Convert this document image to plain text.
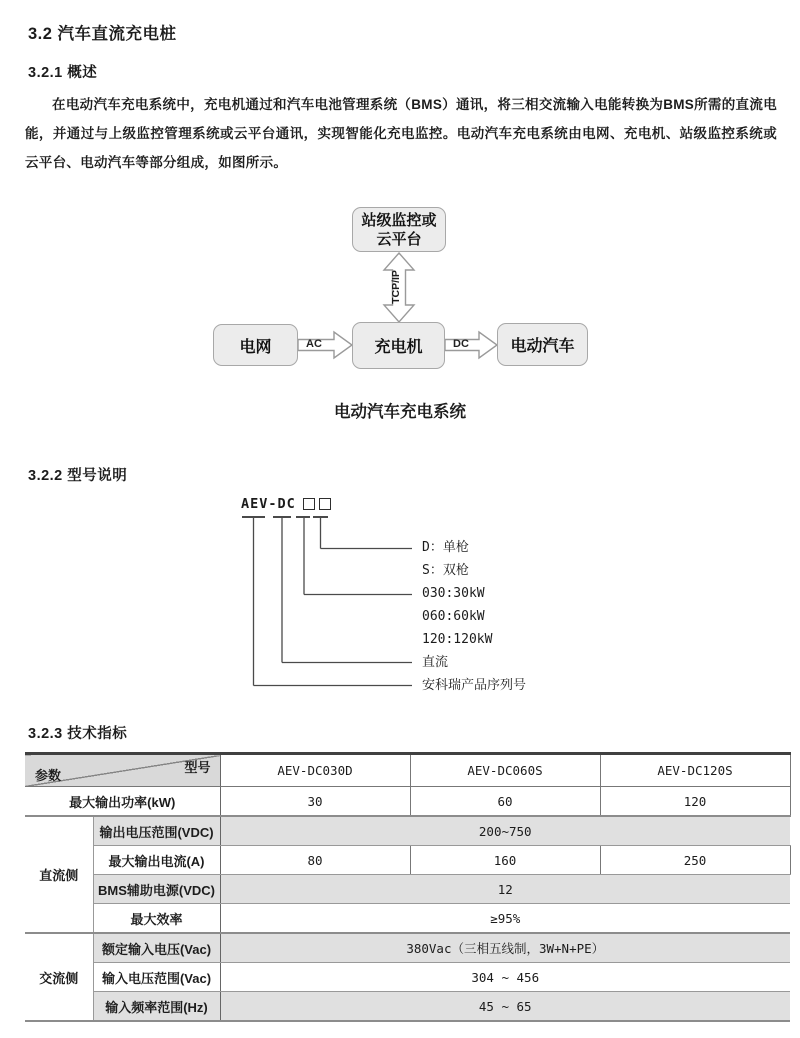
3.2 汽车直流充电桩
3.2.1 概述
在电动汽车充电系统中，充电机通过和汽车电池管理系统（BMS）通讯，将三相交流输入电能转换为BMS所需的直流电能，并通过与上级监控管理系统或云平台通讯，实现智能化充电监控。电动汽车充电系统由电网、充电机、站级监控系统或云平台、电动汽车等部分组成，如图所示。
站级监控或
云平台
TCP/IP
电网	AC	充电机	DC	电动汽车
电动汽车充电系统
3.2.2 型号说明
AEV-DC
D：单枪
S：双枪
030:30kW
060:60kW
120:120kW
直流
安科瑞产品序列号
3.2.3 技术指标
型号
参数		AEV-DC030D	AEV-DC060S	AEV-DC120S
最大输出功率(kW)		30	60	120
直流侧	输出电压范围(VDC)	200~750		
	最大输出电流(A)	80	160	250
	BMS辅助电源(VDC)	12		
	最大效率	≥95%		
交流侧	额定输入电压(Vac)	380Vac（三相五线制，3W+N+PE）		
	输入电压范围(Vac)	304 ~ 456		
	输入频率范围(Hz)	45 ~ 65		
